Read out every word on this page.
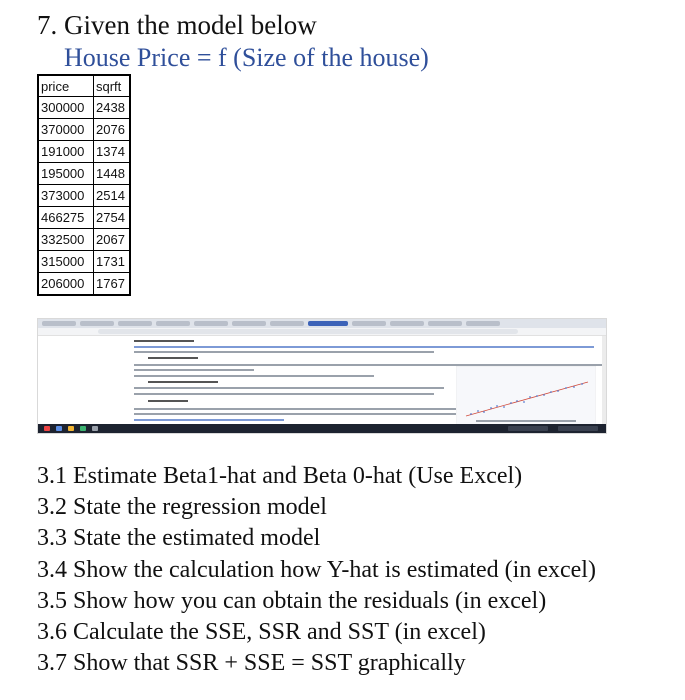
7. Given the model below
House Price = f (Size of the house)
price	sqrft
300000	2438
370000	2076
191000	1374
195000	1448
373000	2514
466275	2754
332500	2067
315000	1731
206000	1767
3.1 Estimate Beta1-hat and Beta 0-hat (Use Excel)
3.2 State the regression model
3.3 State the estimated model
3.4 Show the calculation how Y-hat is estimated (in excel)
3.5 Show how you can obtain the residuals (in excel)
3.6 Calculate the SSE, SSR and SST (in excel)
3.7 Show that SSR + SSE = SST graphically
